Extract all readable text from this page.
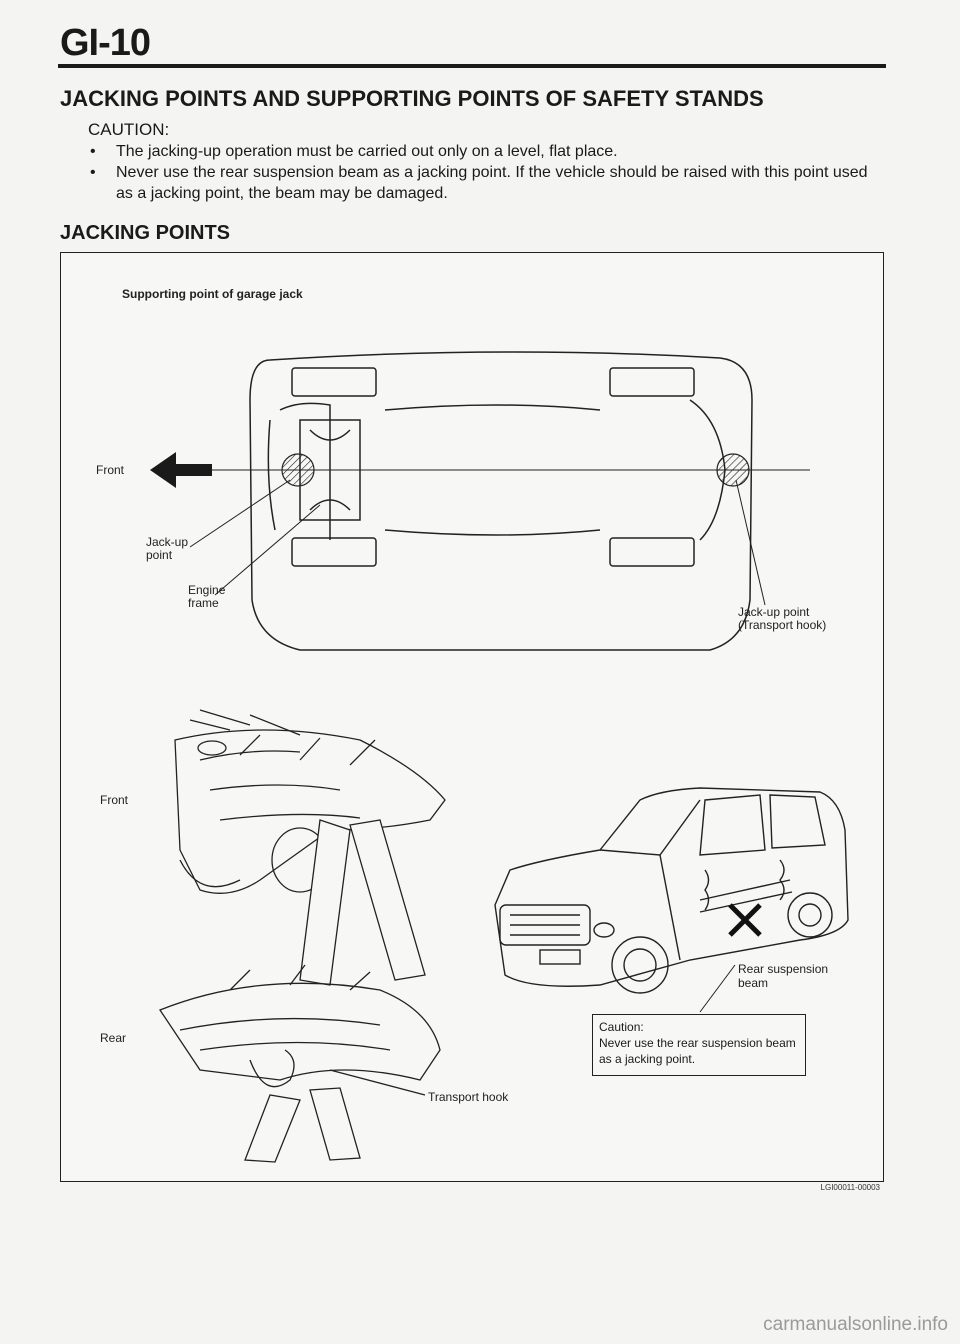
GI-10
JACKING POINTS AND SUPPORTING POINTS OF SAFETY STANDS
CAUTION:
• The jacking-up operation must be carried out only on a level, flat place.
• Never use the rear suspension beam as a jacking point. If the vehicle should be raised with this point used as a jacking point, the beam may be damaged.
JACKING POINTS
Supporting point of garage jack
Front
Jack-up
point
Engine
frame
Jack-up point
(Transport hook)
Front
Rear
Transport hook
Rear suspension
beam
Caution:
Never use the rear suspension beam as a jacking point.
LGI00011-00003
carmanualsonline.info
